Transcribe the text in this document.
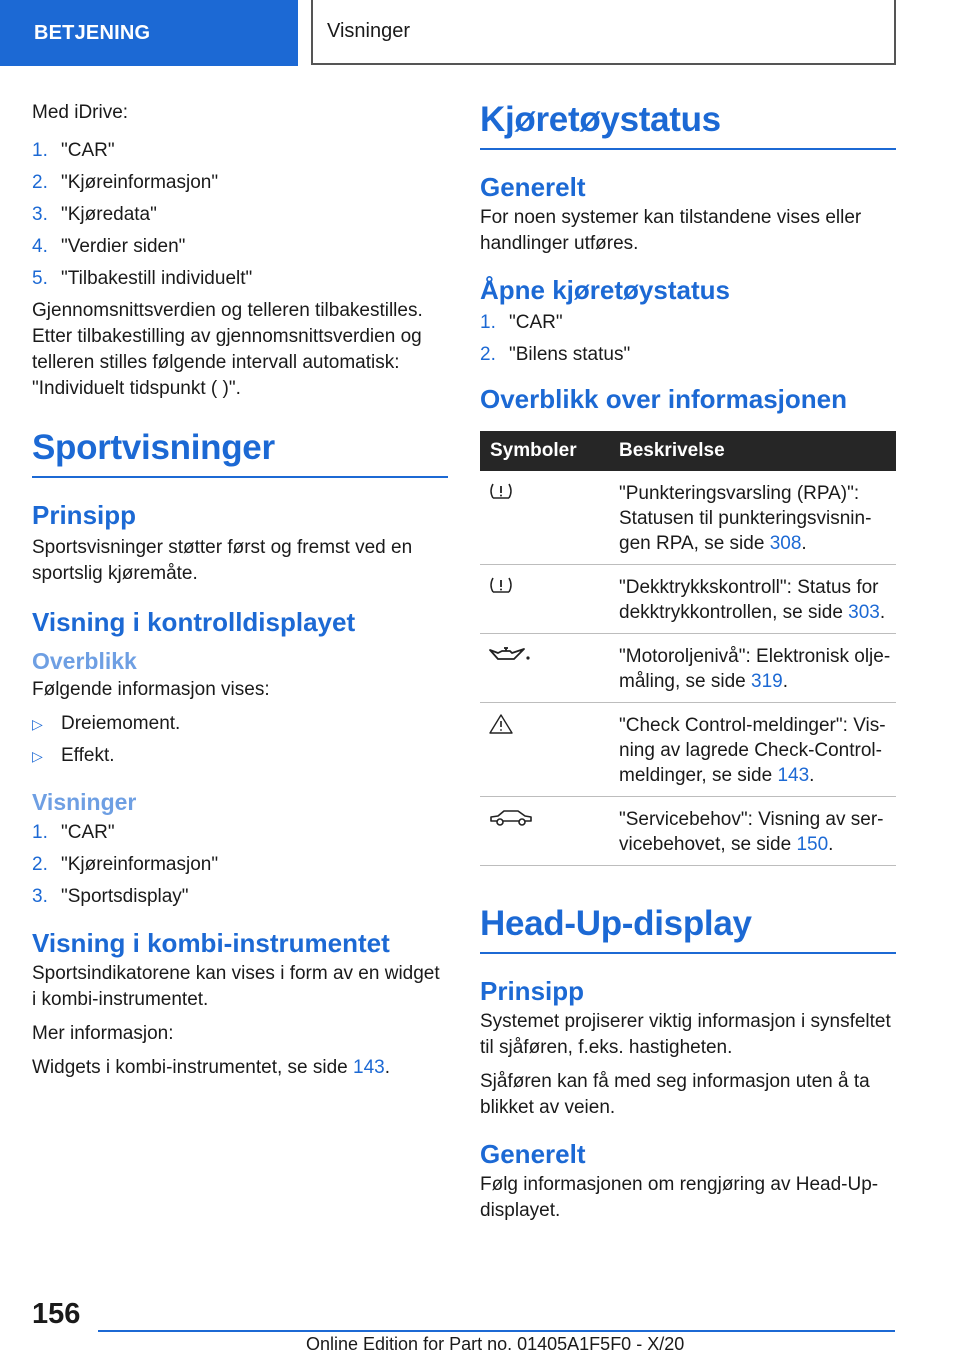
BETJENING	Visninger

Med iDrive:

1. "CAR"
2. "Kjøreinformasjon"
3. "Kjøredata"
4. "Verdier siden"
5. "Tilbakestill individuelt"

Gjennomsnittsverdien og telleren tilbakestilles. Etter tilbakestilling av gjennomsnittsverdien og telleren stilles følgende intervall automatisk: "Individuelt tidspunkt ( )".

Sportvisninger
Prinsipp

Sportsvisninger støtter først og fremst ved en sportslig kjøremåte.

Visning i kontrolldisplayet
Overblikk

Følgende informasjon vises:

▷ Dreiemoment.
▷ Effekt.
Visninger
1. "CAR"
2. "Kjøreinformasjon"
3. "Sportsdisplay"
Visning i kombi-instrumentet

Sportsindikatorene kan vises i form av en widget i kombi-instrumentet.

Mer informasjon:

Widgets i kombi-instrumentet, se side 143.

Kjøretøystatus
Generelt

For noen systemer kan tilstandene vises eller handlinger utføres.

Åpne kjøretøystatus
1. "CAR"
2. "Bilens status"
Overblikk over informasjonen
Symboler	Beskrivelse
	"Punkteringsvarsling (RPA)": Statusen til punkteringsvisnin-gen RPA, se side 308.
	"Dekktrykkskontroll": Status for dekktrykkontrollen, se side 303.
	"Motoroljenivå": Elektronisk olje-måling, se side 319.
	"Check Control-meldinger": Vis-ning av lagrede Check-Control-meldinger, se side 143.
	"Servicebehov": Visning av ser-vicebehovet, se side 150.
Head-Up-display
Prinsipp

Systemet projiserer viktig informasjon i synsfeltet til sjåføren, f.eks. hastigheten.

Sjåføren kan få med seg informasjon uten å ta blikket av veien.

Generelt

Følg informasjonen om rengjøring av Head-Up-displayet.

156
Online Edition for Part no. 01405A1F5F0 - X/20
